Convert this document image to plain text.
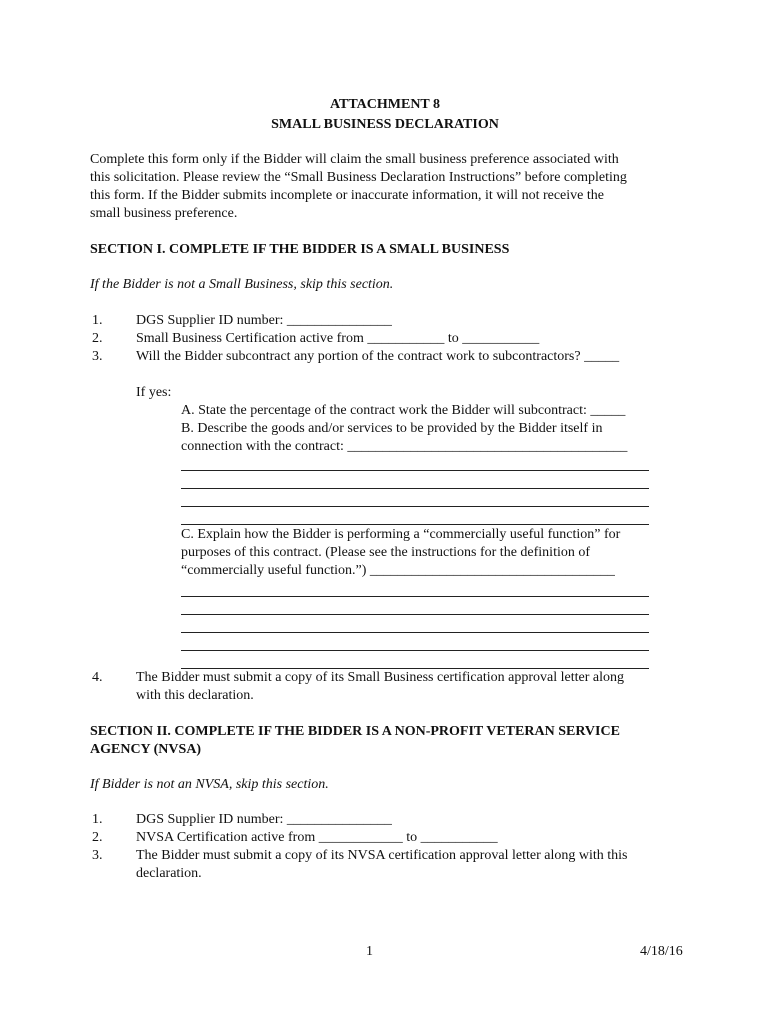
ATTACHMENT 8
SMALL BUSINESS DECLARATION
Complete this form only if the Bidder will claim the small business preference associated with
this solicitation. Please review the “Small Business Declaration Instructions” before completing
this form. If the Bidder submits incomplete or inaccurate information, it will not receive the
small business preference.
SECTION I. COMPLETE IF THE BIDDER IS A SMALL BUSINESS
If the Bidder is not a Small Business, skip this section.
1. DGS Supplier ID number: _______________
2. Small Business Certification active from ___________ to ___________
3. Will the Bidder subcontract any portion of the contract work to subcontractors? _____
If yes:
A. State the percentage of the contract work the Bidder will subcontract: _____
B. Describe the goods and/or services to be provided by the Bidder itself in
connection with the contract: ________________________________________
C. Explain how the Bidder is performing a “commercially useful function” for
purposes of this contract. (Please see the instructions for the definition of
“commercially useful function.”) ___________________________________
4. The Bidder must submit a copy of its Small Business certification approval letter along
with this declaration.
SECTION II. COMPLETE IF THE BIDDER IS A NON-PROFIT VETERAN SERVICE
AGENCY (NVSA)
If Bidder is not an NVSA, skip this section.
1. DGS Supplier ID number: _______________
2. NVSA Certification active from ____________ to ___________
3. The Bidder must submit a copy of its NVSA certification approval letter along with this
declaration.
1	4/18/16
